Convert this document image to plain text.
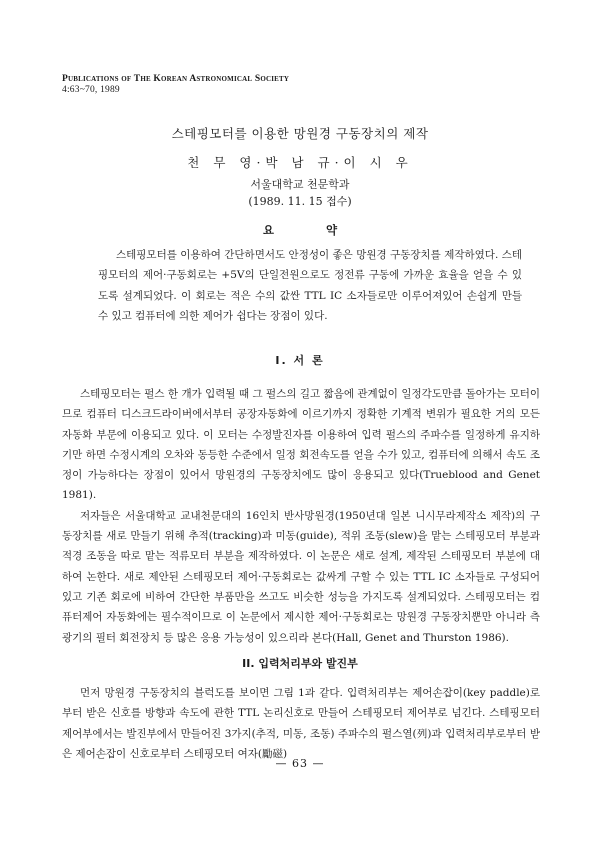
Publications of The Korean Astronomical Society
4:63~70, 1989
스테핑모터를 이용한 망원경 구동장치의 제작
천 무 영·박 남 규·이 시 우
서울대학교 천문학과
(1989. 11. 15 접수)
요 약

스테핑모터를 이용하여 간단하면서도 안정성이 좋은 망원경 구동장치를 제작하였다. 스테핑모터의 제어·구동회로는 +5V의 단일전원으로도 정전류 구동에 가까운 효율을 얻을 수 있도록 설계되었다. 이 회로는 적은 수의 값싼 TTL IC 소자들로만 이루어져있어 손쉽게 만들 수 있고 컴퓨터에 의한 제어가 쉽다는 장점이 있다.

I. 서 론

스테핑모터는 펄스 한 개가 입력될 때 그 펄스의 길고 짧음에 관계없이 일정각도만큼 돌아가는 모터이므로 컴퓨터 디스크드라이버에서부터 공장자동화에 이르기까지 정확한 기계적 변위가 필요한 거의 모든 자동화 부문에 이용되고 있다. 이 모터는 수정발진자를 이용하여 입력 펄스의 주파수를 일정하게 유지하기만 하면 수정시계의 오차와 동등한 수준에서 일정 회전속도를 얻을 수가 있고, 컴퓨터에 의해서 속도 조정이 가능하다는 장점이 있어서 망원경의 구동장치에도 많이 응용되고 있다(Trueblood and Genet 1981).

저자들은 서울대학교 교내천문대의 16인치 반사망원경(1950년대 일본 니시무라제작소 제작)의 구동장치를 새로 만들기 위해 추적(tracking)과 미동(guide), 적위 조동(slew)을 맡는 스테핑모터 부분과 적경 조동을 따로 맡는 적류모터 부분을 제작하였다. 이 논문은 새로 설계, 제작된 스테핑모터 부분에 대하여 논한다. 새로 제안된 스테핑모터 제어·구동회로는 값싸게 구할 수 있는 TTL IC 소자들로 구성되어 있고 기존 회로에 비하여 간단한 부품만을 쓰고도 비슷한 성능을 가지도록 설계되었다. 스테핑모터는 컴퓨터제어 자동화에는 필수적이므로 이 논문에서 제시한 제어·구동회로는 망원경 구동장치뿐만 아니라 측광기의 필터 회전장치 등 많은 응용 가능성이 있으리라 본다(Hall, Genet and Thurston 1986).

II. 입력처리부와 발진부

먼저 망원경 구동장치의 블럭도를 보이면 그림 1과 같다. 입력처리부는 제어손잡이(key paddle)로부터 받은 신호를 방향과 속도에 관한 TTL 논리신호로 만들어 스테핑모터 제어부로 넘긴다. 스테핑모터 제어부에서는 발진부에서 만들어진 3가지(추적, 미동, 조동) 주파수의 펄스열(列)과 입력처리부로부터 받은 제어손잡이 신호로부터 스테핑모터 여자(勵磁)

— 63 —
